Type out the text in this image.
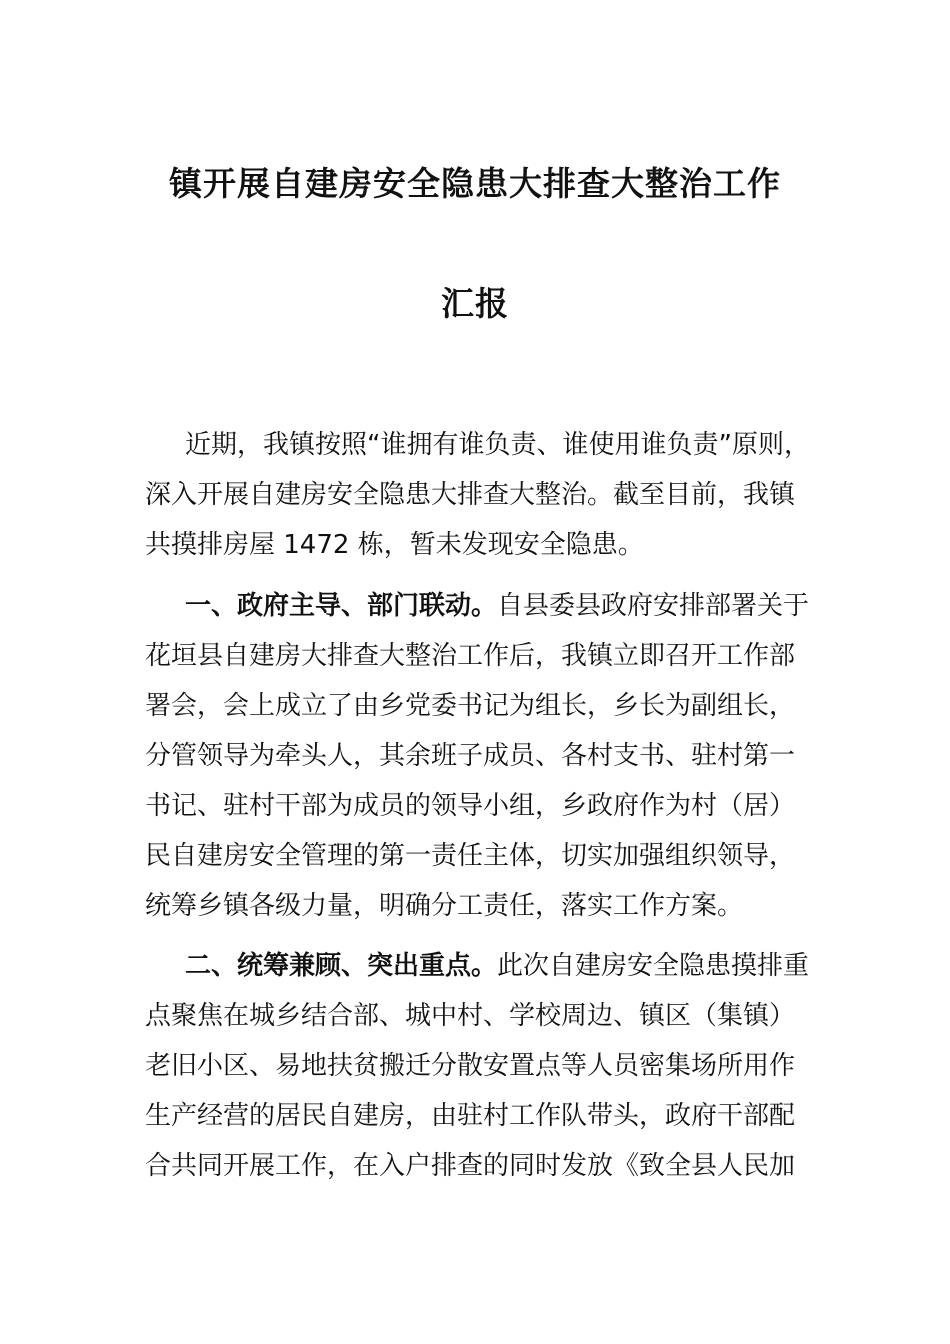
镇开展自建房安全隐患大排查大整治工作
汇报
近期，我镇按照“谁拥有谁负责、谁使用谁负责”原则，
深入开展自建房安全隐患大排查大整治。截至目前，我镇
共摸排房屋 1472 栋，暂未发现安全隐患。
一、政府主导、部门联动。自县委县政府安排部署关于
花垣县自建房大排查大整治工作后，我镇立即召开工作部
署会，会上成立了由乡党委书记为组长，乡长为副组长，
分管领导为牵头人，其余班子成员、各村支书、驻村第一
书记、驻村干部为成员的领导小组，乡政府作为村（居）
民自建房安全管理的第一责任主体，切实加强组织领导，
统筹乡镇各级力量，明确分工责任，落实工作方案。
二、统筹兼顾、突出重点。此次自建房安全隐患摸排重
点聚焦在城乡结合部、城中村、学校周边、镇区（集镇）
老旧小区、易地扶贫搬迁分散安置点等人员密集场所用作
生产经营的居民自建房，由驻村工作队带头，政府干部配
合共同开展工作，在入户排查的同时发放《致全县人民加
